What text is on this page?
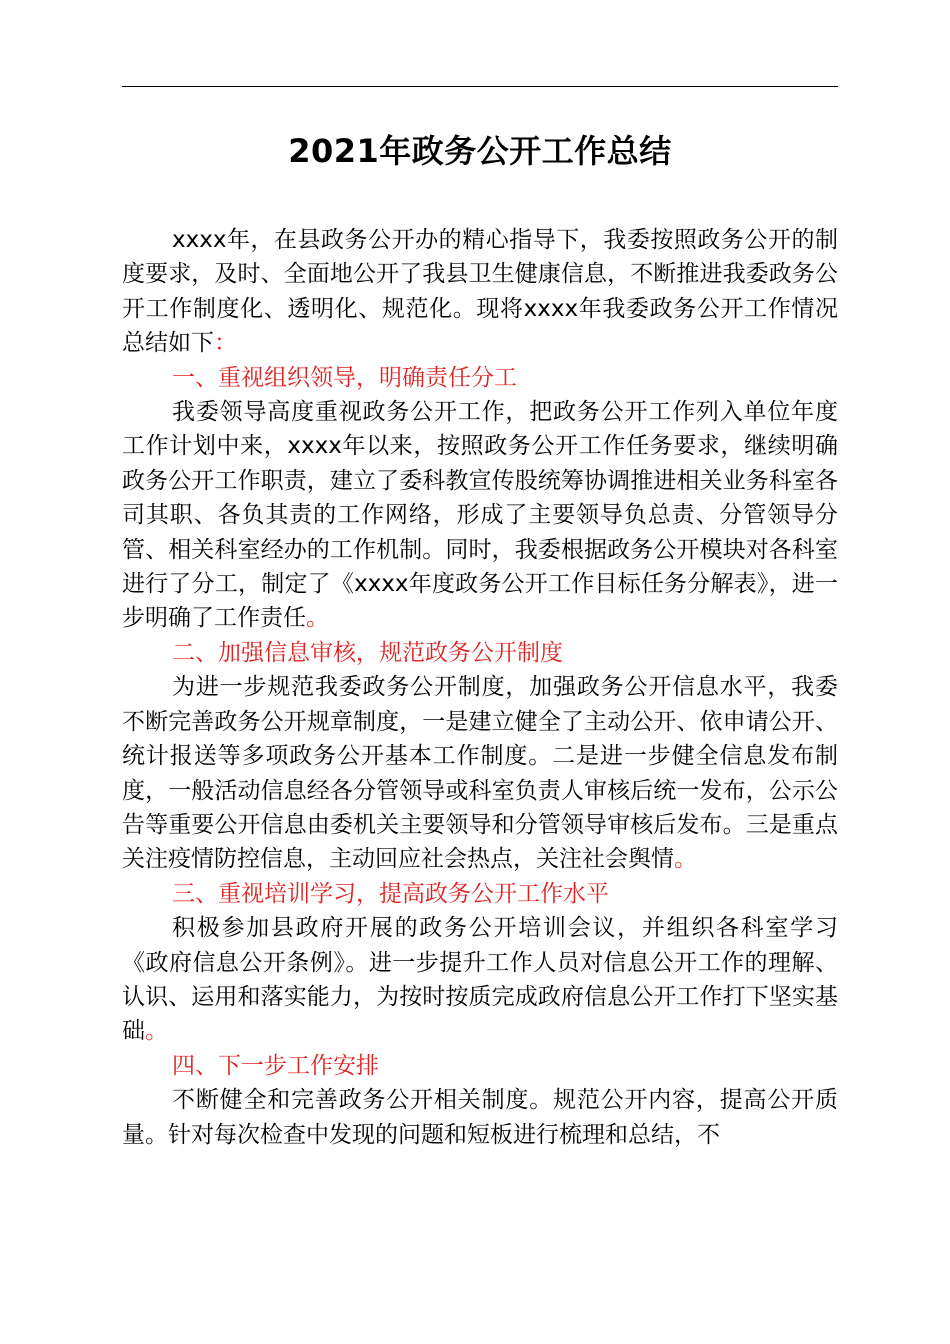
2021年政务公开工作总结

xxxx年，在县政务公开办的精心指导下，我委按照政务公开的制度要求，及时、全面地公开了我县卫生健康信息，不断推进我委政务公开工作制度化、透明化、规范化。现将xxxx年我委政务公开工作情况总结如下：

一、重视组织领导，明确责任分工

我委领导高度重视政务公开工作，把政务公开工作列入单位年度工作计划中来，xxxx年以来，按照政务公开工作任务要求，继续明确政务公开工作职责，建立了委科教宣传股统筹协调推进相关业务科室各司其职、各负其责的工作网络，形成了主要领导负总责、分管领导分管、相关科室经办的工作机制。同时，我委根据政务公开模块对各科室进行了分工，制定了《xxxx年度政务公开工作目标任务分解表》，进一步明确了工作责任。

二、加强信息审核，规范政务公开制度

为进一步规范我委政务公开制度，加强政务公开信息水平，我委不断完善政务公开规章制度，一是建立健全了主动公开、依申请公开、统计报送等多项政务公开基本工作制度。二是进一步健全信息发布制度，一般活动信息经各分管领导或科室负责人审核后统一发布，公示公告等重要公开信息由委机关主要领导和分管领导审核后发布。三是重点关注疫情防控信息，主动回应社会热点，关注社会舆情。

三、重视培训学习，提高政务公开工作水平

积极参加县政府开展的政务公开培训会议，并组织各科室学习《政府信息公开条例》。进一步提升工作人员对信息公开工作的理解、认识、运用和落实能力，为按时按质完成政府信息公开工作打下坚实基础。

四、下一步工作安排

不断健全和完善政务公开相关制度。规范公开内容，提高公开质量。针对每次检查中发现的问题和短板进行梳理和总结，不
